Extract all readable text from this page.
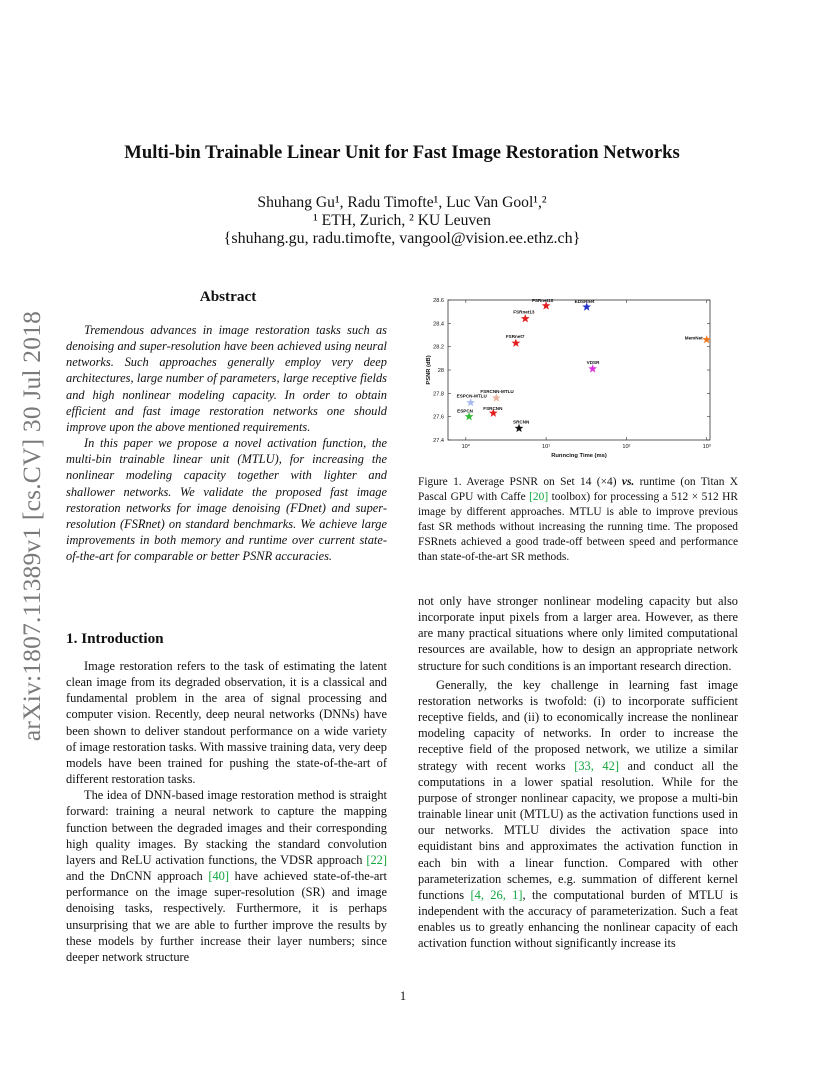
arXiv:1807.11389v1 [cs.CV] 30 Jul 2018
Multi-bin Trainable Linear Unit for Fast Image Restoration Networks
Shuhang Gu¹, Radu Timofte¹, Luc Van Gool¹,²
¹ ETH, Zurich, ² KU Leuven
{shuhang.gu, radu.timofte, vangool@vision.ee.ethz.ch}
Abstract

Tremendous advances in image restoration tasks such as denoising and super-resolution have been achieved using neural networks. Such approaches generally employ very deep architectures, large number of parameters, large receptive fields and high nonlinear modeling capacity. In order to obtain efficient and fast image restoration networks one should improve upon the above mentioned requirements.

In this paper we propose a novel activation function, the multi-bin trainable linear unit (MTLU), for increasing the nonlinear modeling capacity together with lighter and shallower networks. We validate the proposed fast image restoration networks for image denoising (FDnet) and super-resolution (FSRnet) on standard benchmarks. We achieve large improvements in both memory and runtime over current state-of-the-art for comparable or better PSNR accuracies.

1. Introduction

Image restoration refers to the task of estimating the latent clean image from its degraded observation, it is a classical and fundamental problem in the area of signal processing and computer vision. Recently, deep neural networks (DNNs) have been shown to deliver standout performance on a wide variety of image restoration tasks. With massive training data, very deep models have been trained for pushing the state-of-the-art of different restoration tasks.

The idea of DNN-based image restoration method is straight forward: training a neural network to capture the mapping function between the degraded images and their corresponding high quality images. By stacking the standard convolution layers and ReLU activation functions, the VDSR approach [22] and the DnCNN approach [40] have achieved state-of-the-art performance on the image super-resolution (SR) and image denoising tasks, respectively. Furthermore, it is perhaps unsurprising that we are able to further improve the results by these models by further increase their layer numbers; since deeper network structure

27.4
27.6
27.8
28
28.2
28.4
28.6
10⁰	10¹	10²	10³
Runncing Time (ms)
PSNR (dB)
FSRnet10	EDSRnet
FSRnet13
FSRnet7	MemNet
VDSR
FSRCNN-MTLU
ESPCN-MTLU
FSRCNN
ESPCN
SRCNN
Figure 1. Average PSNR on Set 14 (×4) vs. runtime (on Titan X Pascal GPU with Caffe [20] toolbox) for processing a 512 × 512 HR image by different approaches. MTLU is able to improve previous fast SR methods without increasing the running time. The proposed FSRnets achieved a good trade-off between speed and performance than state-of-the-art SR methods.

not only have stronger nonlinear modeling capacity but also incorporate input pixels from a larger area. However, as there are many practical situations where only limited computational resources are available, how to design an appropriate network structure for such conditions is an important research direction.

Generally, the key challenge in learning fast image restoration networks is twofold: (i) to incorporate sufficient receptive fields, and (ii) to economically increase the nonlinear modeling capacity of networks. In order to increase the receptive field of the proposed network, we utilize a similar strategy with recent works [33, 42] and conduct all the computations in a lower spatial resolution. While for the purpose of stronger nonlinear capacity, we propose a multi-bin trainable linear unit (MTLU) as the activation functions used in our networks. MTLU divides the activation space into equidistant bins and approximates the activation function in each bin with a linear function. Compared with other parameterization schemes, e.g. summation of different kernel functions [4, 26, 1], the computational burden of MTLU is independent with the accuracy of parameterization. Such a feat enables us to greatly enhancing the nonlinear capacity of each activation function without significantly increase its

1
